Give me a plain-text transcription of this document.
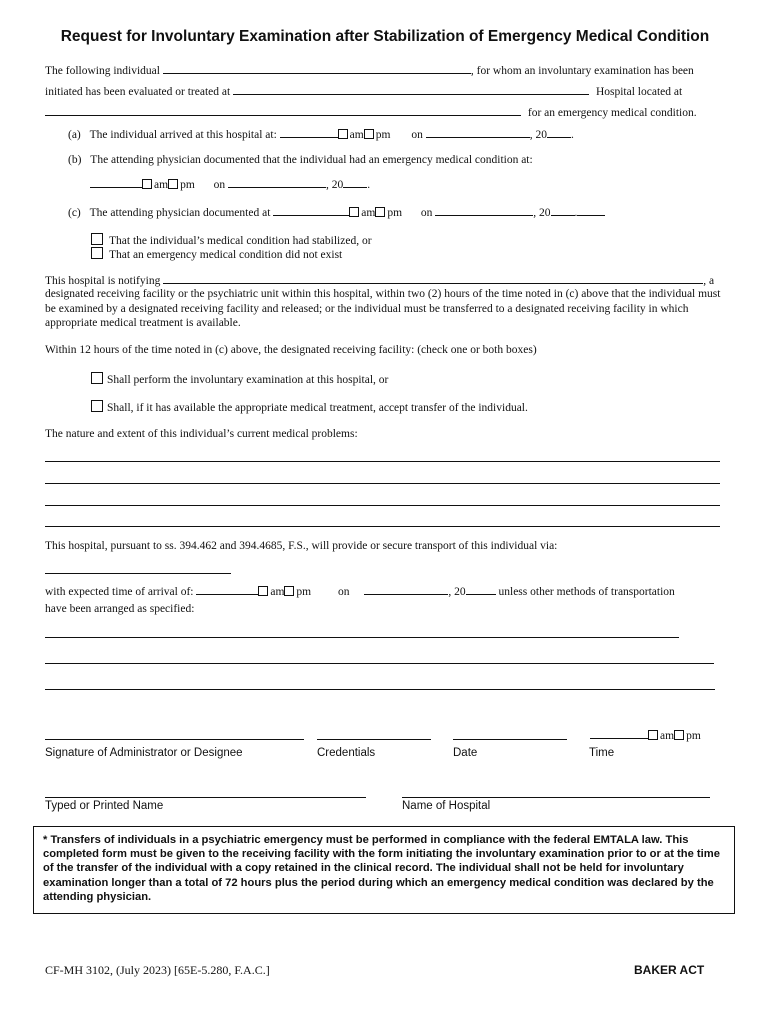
Request for Involuntary Examination after Stabilization of Emergency Medical Condition
The following individual	, for whom an involuntary examination has been
initiated has been evaluated or treated at	Hospital located at
for an emergency medical condition.
(a) The individual arrived at this hospital at:	am pm on	, 20 .
(b) The attending physician documented that the individual had an emergency medical condition at:
am pm on	, 20 .
(c) The attending physician documented at	am pm on	, 20 .
That the individual’s medical condition had stabilized, or
That an emergency medical condition did not exist
This hospital is notifying	, a
designated receiving facility or the psychiatric unit within this hospital, within two (2) hours of the time noted in (c) above that the individual must be examined by a designated receiving facility and released; or the individual must be transferred to a designated receiving facility in which appropriate medical treatment is available.
Within 12 hours of the time noted in (c) above, the designated receiving facility: (check one or both boxes)
Shall perform the involuntary examination at this hospital, or
Shall, if it has available the appropriate medical treatment, accept transfer of the individual.
The nature and extent of this individual’s current medical problems:
This hospital, pursuant to ss. 394.462 and 394.4685, F.S., will provide or secure transport of this individual via:
with expected time of arrival of:	am pm on	, 20	unless other methods of transportation
have been arranged as specified:
am pm
Signature of Administrator or Designee	Credentials	Date	Time
Typed or Printed Name	Name of Hospital
* Transfers of individuals in a psychiatric emergency must be performed in compliance with the federal EMTALA law. This completed form must be given to the receiving facility with the form initiating the involuntary examination prior to or at the time of the transfer of the individual with a copy retained in the clinical record. The individual shall not be held for involuntary examination longer than a total of 72 hours plus the period during which an emergency medical condition was declared by the attending physician.
CF-MH 3102, (July 2023) [65E-5.280, F.A.C.]	BAKER ACT
